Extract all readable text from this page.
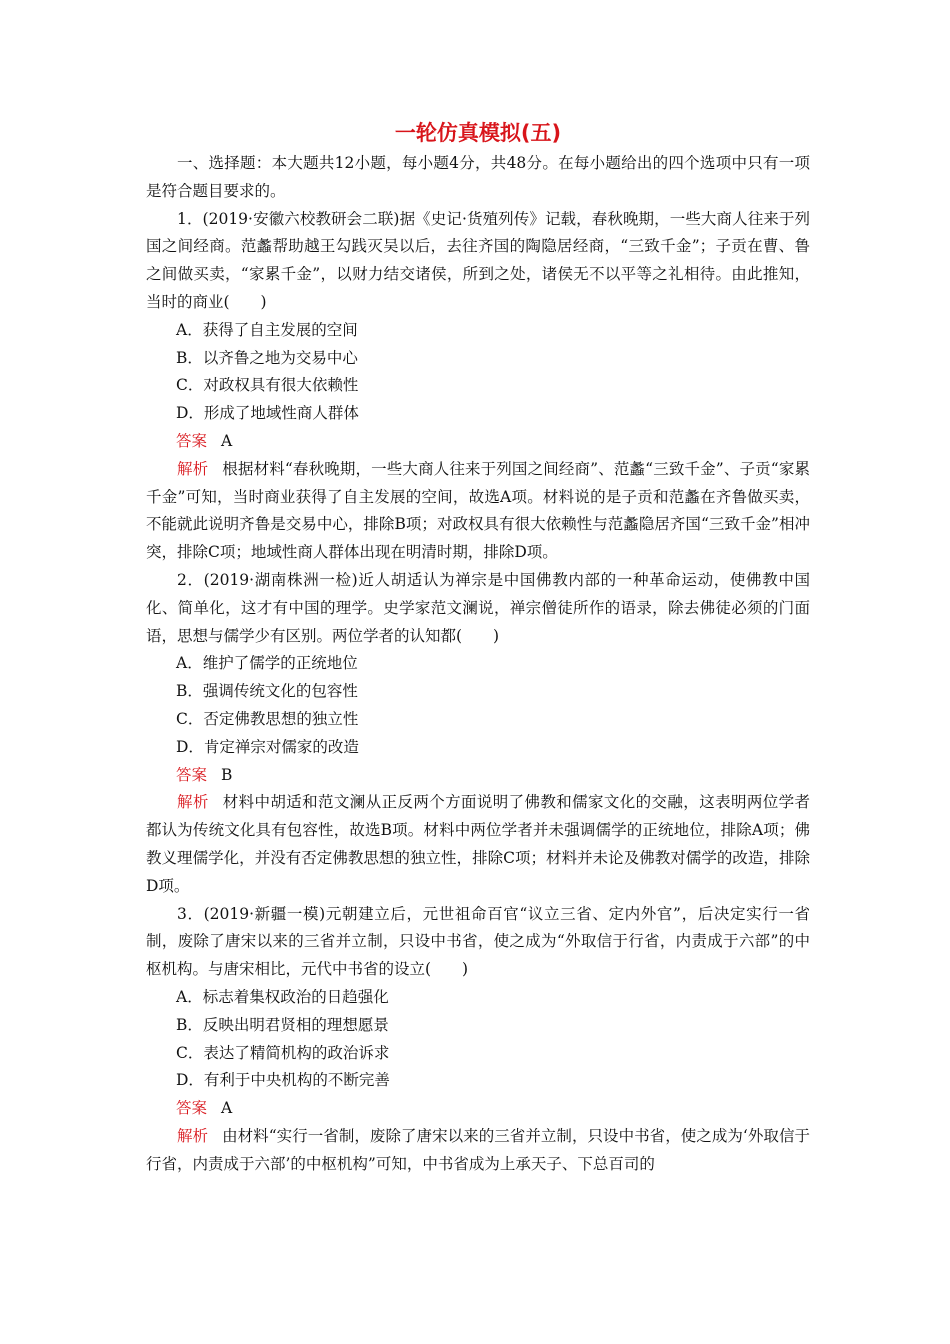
一轮仿真模拟(五)

一、选择题：本大题共12小题，每小题4分，共48分。在每小题给出的四个选项中只有一项是符合题目要求的。

1．(2019·安徽六校教研会二联)据《史记·货殖列传》记载，春秋晚期，一些大商人往来于列国之间经商。范蠡帮助越王勾践灭吴以后，去往齐国的陶隐居经商，“三致千金”；子贡在曹、鲁之间做买卖，“家累千金”，以财力结交诸侯，所到之处，诸侯无不以平等之礼相待。由此推知，当时的商业(　　)

A．获得了自主发展的空间

B．以齐鲁之地为交易中心

C．对政权具有很大依赖性

D．形成了地域性商人群体

答案 A

解析 根据材料“春秋晚期，一些大商人往来于列国之间经商”、范蠡“三致千金”、子贡“家累千金”可知，当时商业获得了自主发展的空间，故选A项。材料说的是子贡和范蠡在齐鲁做买卖，不能就此说明齐鲁是交易中心，排除B项；对政权具有很大依赖性与范蠡隐居齐国“三致千金”相冲突，排除C项；地域性商人群体出现在明清时期，排除D项。

2．(2019·湖南株洲一检)近人胡适认为禅宗是中国佛教内部的一种革命运动，使佛教中国化、简单化，这才有中国的理学。史学家范文澜说，禅宗僧徒所作的语录，除去佛徒必须的门面语，思想与儒学少有区别。两位学者的认知都(　　)

A．维护了儒学的正统地位

B．强调传统文化的包容性

C．否定佛教思想的独立性

D．肯定禅宗对儒家的改造

答案 B

解析 材料中胡适和范文澜从正反两个方面说明了佛教和儒家文化的交融，这表明两位学者都认为传统文化具有包容性，故选B项。材料中两位学者并未强调儒学的正统地位，排除A项；佛教义理儒学化，并没有否定佛教思想的独立性，排除C项；材料并未论及佛教对儒学的改造，排除D项。

3．(2019·新疆一模)元朝建立后，元世祖命百官“议立三省、定内外官”，后决定实行一省制，废除了唐宋以来的三省并立制，只设中书省，使之成为“外取信于行省，内责成于六部”的中枢机构。与唐宋相比，元代中书省的设立(　　)

A．标志着集权政治的日趋强化

B．反映出明君贤相的理想愿景

C．表达了精简机构的政治诉求

D．有利于中央机构的不断完善

答案 A

解析 由材料“实行一省制，废除了唐宋以来的三省并立制，只设中书省，使之成为‘外取信于行省，内责成于六部’的中枢机构”可知，中书省成为上承天子、下总百司的
